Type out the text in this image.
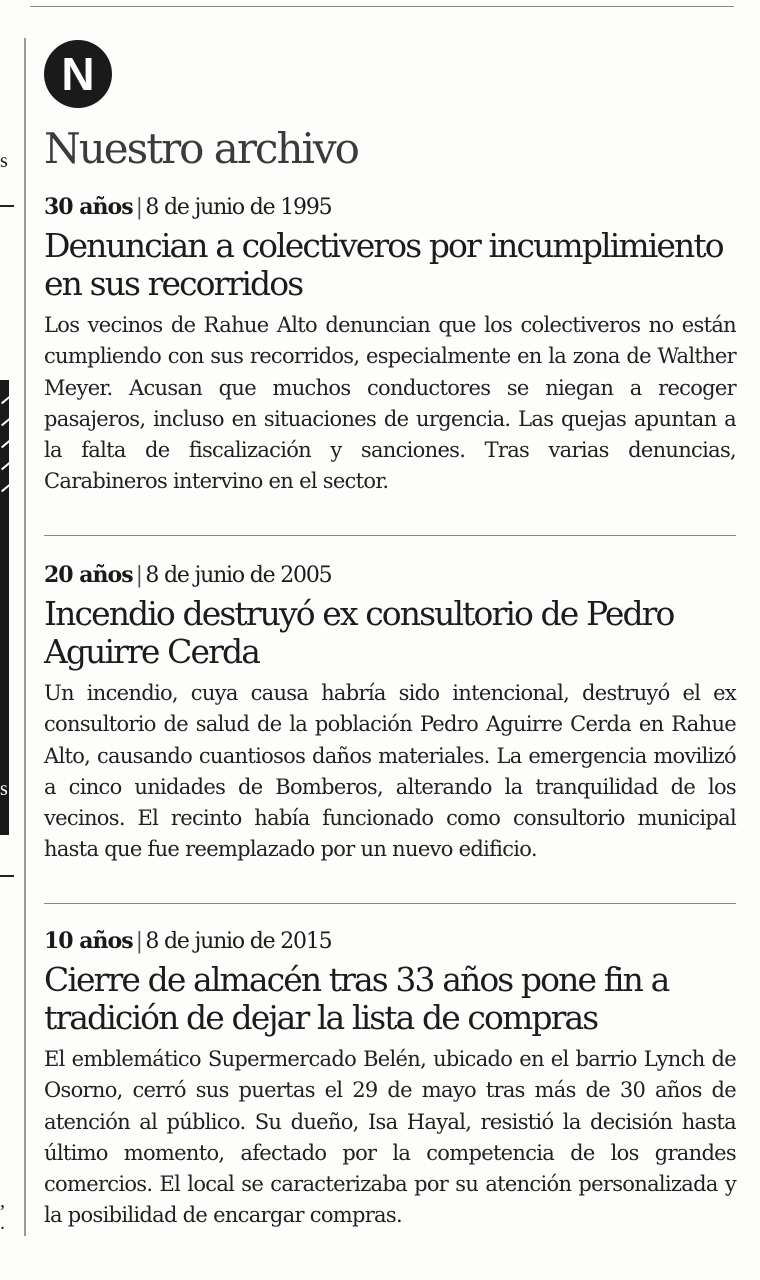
s
s
,
.
N
Nuestro archivo
30 años | 8 de junio de 1995
Denuncian a colectiveros por incumplimiento en sus recorridos

Los vecinos de Rahue Alto denuncian que los colectiveros no están cumpliendo con sus recorridos, especialmente en la zona de Walther Meyer. Acusan que muchos conductores se niegan a recoger pasajeros, incluso en situaciones de urgencia. Las quejas apuntan a la falta de fiscalización y sanciones. Tras varias denuncias, Carabineros intervino en el sector.

20 años | 8 de junio de 2005
Incendio destruyó ex consultorio de Pedro Aguirre Cerda

Un incendio, cuya causa habría sido intencional, destruyó el ex consultorio de salud de la población Pedro Aguirre Cerda en Rahue Alto, causando cuantiosos daños materiales. La emergencia movilizó a cinco unidades de Bomberos, alterando la tranquilidad de los vecinos. El recinto había funcionado como consultorio municipal hasta que fue reemplazado por un nuevo edificio.

10 años | 8 de junio de 2015
Cierre de almacén tras 33 años pone fin a tradición de dejar la lista de compras

El emblemático Supermercado Belén, ubicado en el barrio Lynch de Osorno, cerró sus puertas el 29 de mayo tras más de 30 años de atención al público. Su dueño, Isa Hayal, resistió la decisión hasta último momento, afectado por la competencia de los grandes comercios. El local se caracterizaba por su atención personalizada y la posibilidad de encargar compras.
